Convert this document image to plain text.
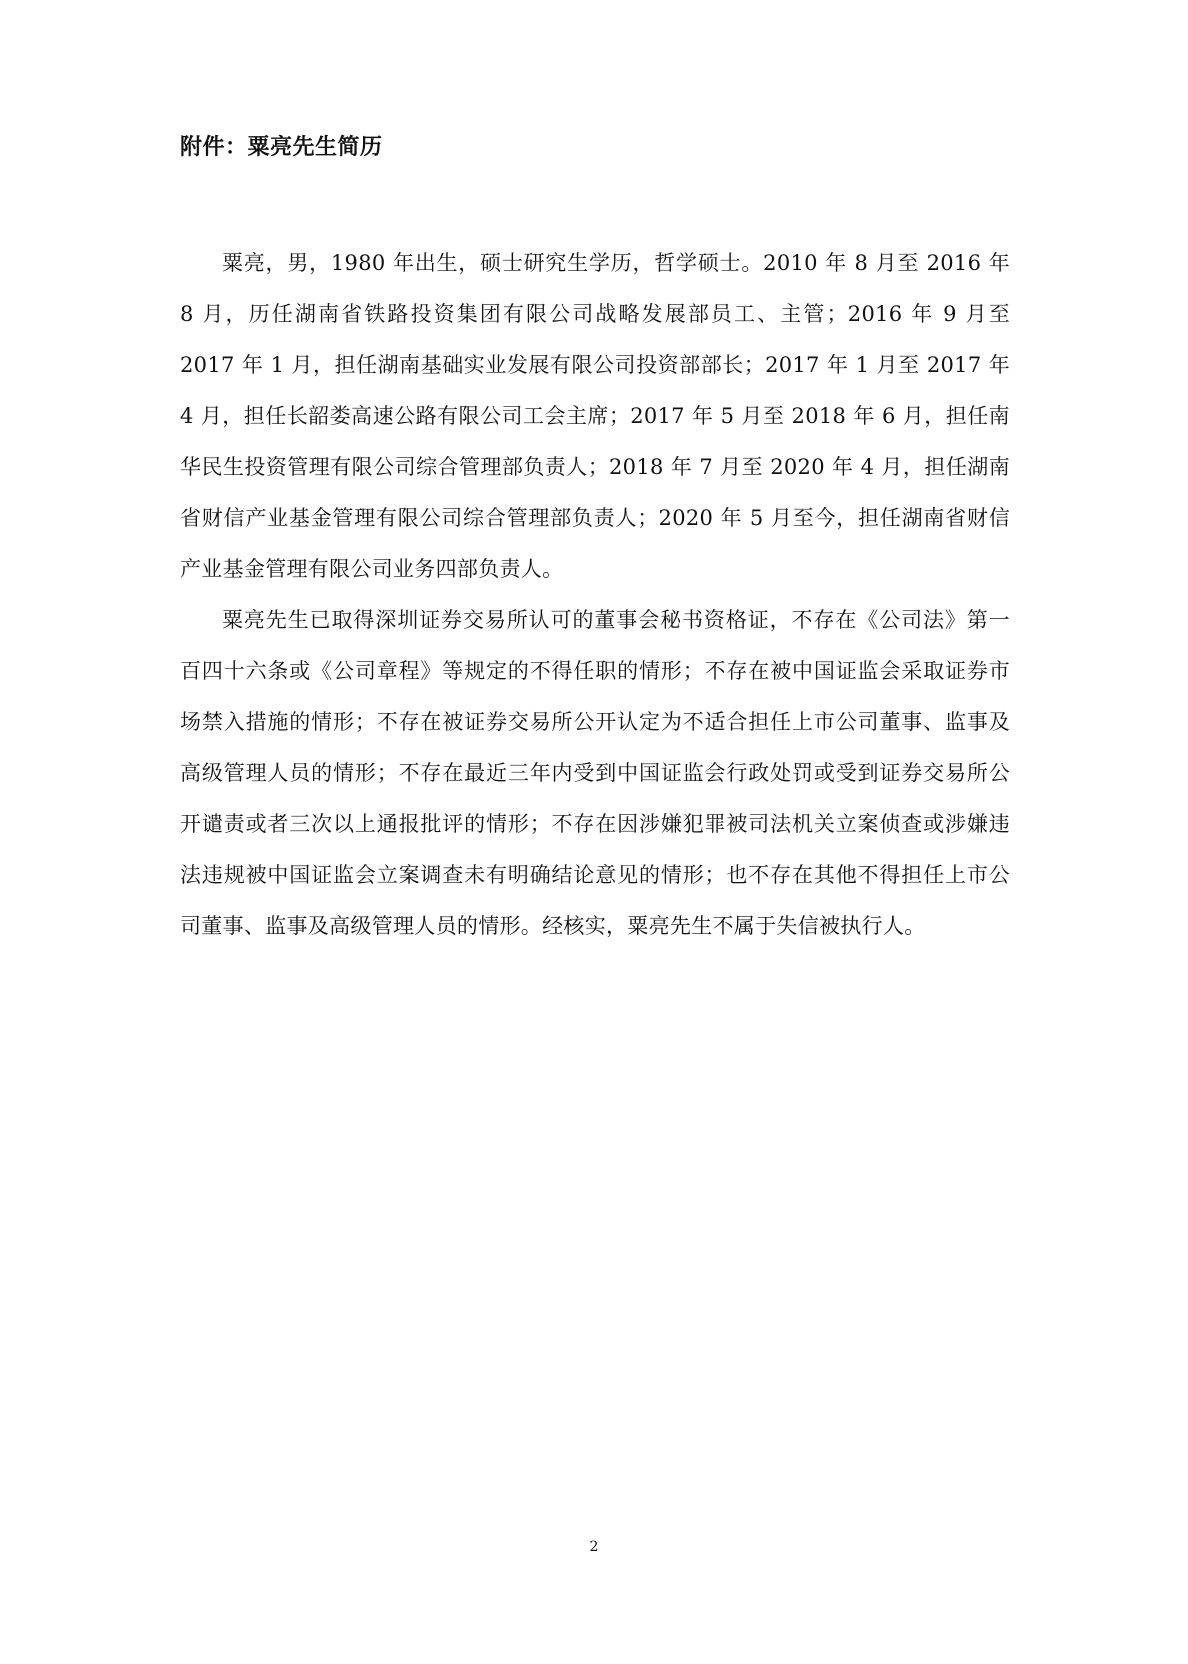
附件：粟亮先生简历

粟亮，男，1980 年出生，硕士研究生学历，哲学硕士。2010 年 8 月至 2016 年 8 月，历任湖南省铁路投资集团有限公司战略发展部员工、主管；2016 年 9 月至 2017 年 1 月，担任湖南基础实业发展有限公司投资部部长；2017 年 1 月至 2017 年 4 月，担任长韶娄高速公路有限公司工会主席；2017 年 5 月至 2018 年 6 月，担任南华民生投资管理有限公司综合管理部负责人；2018 年 7 月至 2020 年 4 月，担任湖南省财信产业基金管理有限公司综合管理部负责人；2020 年 5 月至今，担任湖南省财信产业基金管理有限公司业务四部负责人。

粟亮先生已取得深圳证券交易所认可的董事会秘书资格证，不存在《公司法》第一百四十六条或《公司章程》等规定的不得任职的情形；不存在被中国证监会采取证券市场禁入措施的情形；不存在被证券交易所公开认定为不适合担任上市公司董事、监事及高级管理人员的情形；不存在最近三年内受到中国证监会行政处罚或受到证券交易所公开谴责或者三次以上通报批评的情形；不存在因涉嫌犯罪被司法机关立案侦查或涉嫌违法违规被中国证监会立案调查未有明确结论意见的情形；也不存在其他不得担任上市公司董事、监事及高级管理人员的情形。经核实，粟亮先生不属于失信被执行人。

2
